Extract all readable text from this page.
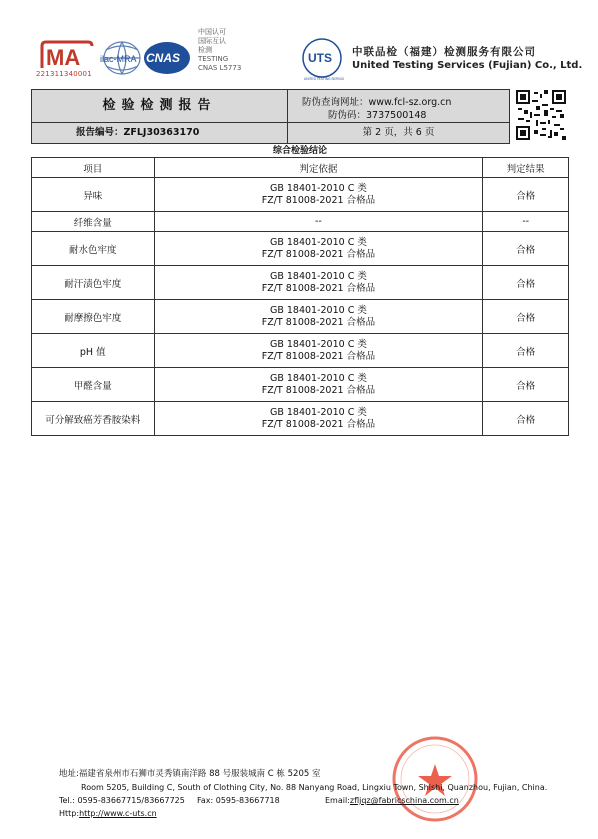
MA
221311340001
ilac-MRA CNAS
中国认可
国际互认
检测
TESTING
CNAS L5773
UTS
UNITED TESTING SERVICES
中联品检（福建）检测服务有限公司
United Testing Services (Fujian) Co., Ltd.
检验检测报告
报告编号：ZFLJ30363170
防伪查询网址：www.fcl-sz.org.cn
防伪码：3737500148
第 2 页，共 6 页
综合检验结论
项目	判定依据	判定结果
异味	GB 18401-2010 C 类
FZ/T 81008-2021 合格品	合格
纤维含量	--	--
耐水色牢度	GB 18401-2010 C 类
FZ/T 81008-2021 合格品	合格
耐汗渍色牢度	GB 18401-2010 C 类
FZ/T 81008-2021 合格品	合格
耐摩擦色牢度	GB 18401-2010 C 类
FZ/T 81008-2021 合格品	合格
pH 值	GB 18401-2010 C 类
FZ/T 81008-2021 合格品	合格
甲醛含量	GB 18401-2010 C 类
FZ/T 81008-2021 合格品	合格
可分解致癌芳香胺染料	GB 18401-2010 C 类
FZ/T 81008-2021 合格品	合格
地址:福建省泉州市石狮市灵秀镇南洋路 88 号服装城南 C 栋 5205 室
Room 5205, Building C, South of Clothing City, No. 88 Nanyang Road, Lingxiu Town, Shishi, Quanzhou, Fujian, China.
Tel.: 0595-83667715/83667725 Fax: 0595-83667718	Email:zfljqz@fabricschina.com.cnHttp:http://www.c-uts.cn
